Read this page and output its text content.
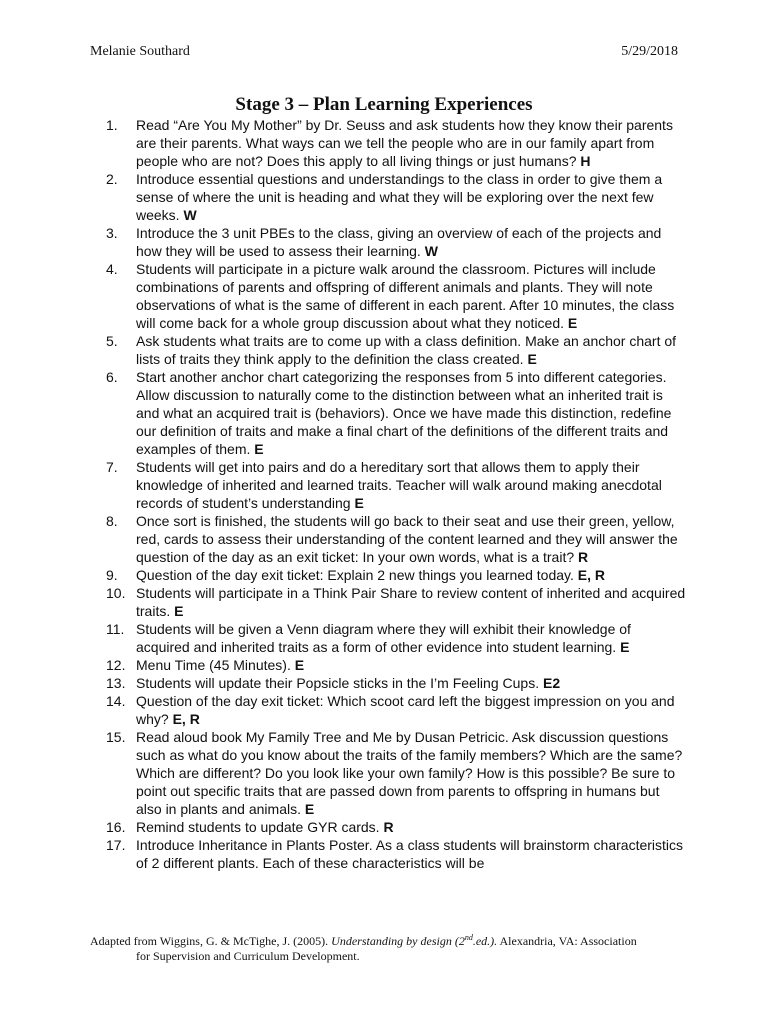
Melanie Southard	5/29/2018
Stage 3 – Plan Learning Experiences
1.	Read “Are You My Mother” by Dr. Seuss and ask students how they know their parents are their parents. What ways can we tell the people who are in our family apart from people who are not? Does this apply to all living things or just humans? H
2.	Introduce essential questions and understandings to the class in order to give them a sense of where the unit is heading and what they will be exploring over the next few weeks. W
3.	Introduce the 3 unit PBEs to the class, giving an overview of each of the projects and how they will be used to assess their learning. W
4.	Students will participate in a picture walk around the classroom. Pictures will include combinations of parents and offspring of different animals and plants. They will note observations of what is the same of different in each parent. After 10 minutes, the class will come back for a whole group discussion about what they noticed. E
5.	Ask students what traits are to come up with a class definition. Make an anchor chart of lists of traits they think apply to the definition the class created. E
6.	Start another anchor chart categorizing the responses from 5 into different categories. Allow discussion to naturally come to the distinction between what an inherited trait is and what an acquired trait is (behaviors). Once we have made this distinction, redefine our definition of traits and make a final chart of the definitions of the different traits and examples of them. E
7.	Students will get into pairs and do a hereditary sort that allows them to apply their knowledge of inherited and learned traits. Teacher will walk around making anecdotal records of student’s understanding E
8.	Once sort is finished, the students will go back to their seat and use their green, yellow, red, cards to assess their understanding of the content learned and they will answer the question of the day as an exit ticket: In your own words, what is a trait? R
9.	Question of the day exit ticket: Explain 2 new things you learned today. E, R
10. Students will participate in a Think Pair Share to review content of inherited and acquired traits. E
11. Students will be given a Venn diagram where they will exhibit their knowledge of acquired and inherited traits as a form of other evidence into student learning. E
12. Menu Time (45 Minutes). E
13. Students will update their Popsicle sticks in the I’m Feeling Cups. E2
14. Question of the day exit ticket: Which scoot card left the biggest impression on you and why? E, R
15. Read aloud book My Family Tree and Me by Dusan Petricic. Ask discussion questions such as what do you know about the traits of the family members? Which are the same? Which are different? Do you look like your own family? How is this possible? Be sure to point out specific traits that are passed down from parents to offspring in humans but also in plants and animals. E
16. Remind students to update GYR cards. R
17. Introduce Inheritance in Plants Poster. As a class students will brainstorm characteristics of 2 different plants. Each of these characteristics will be
Adapted from Wiggins, G. & McTighe, J. (2005). Understanding by design (2nd.ed.). Alexandria, VA: Association
for Supervision and Curriculum Development.
